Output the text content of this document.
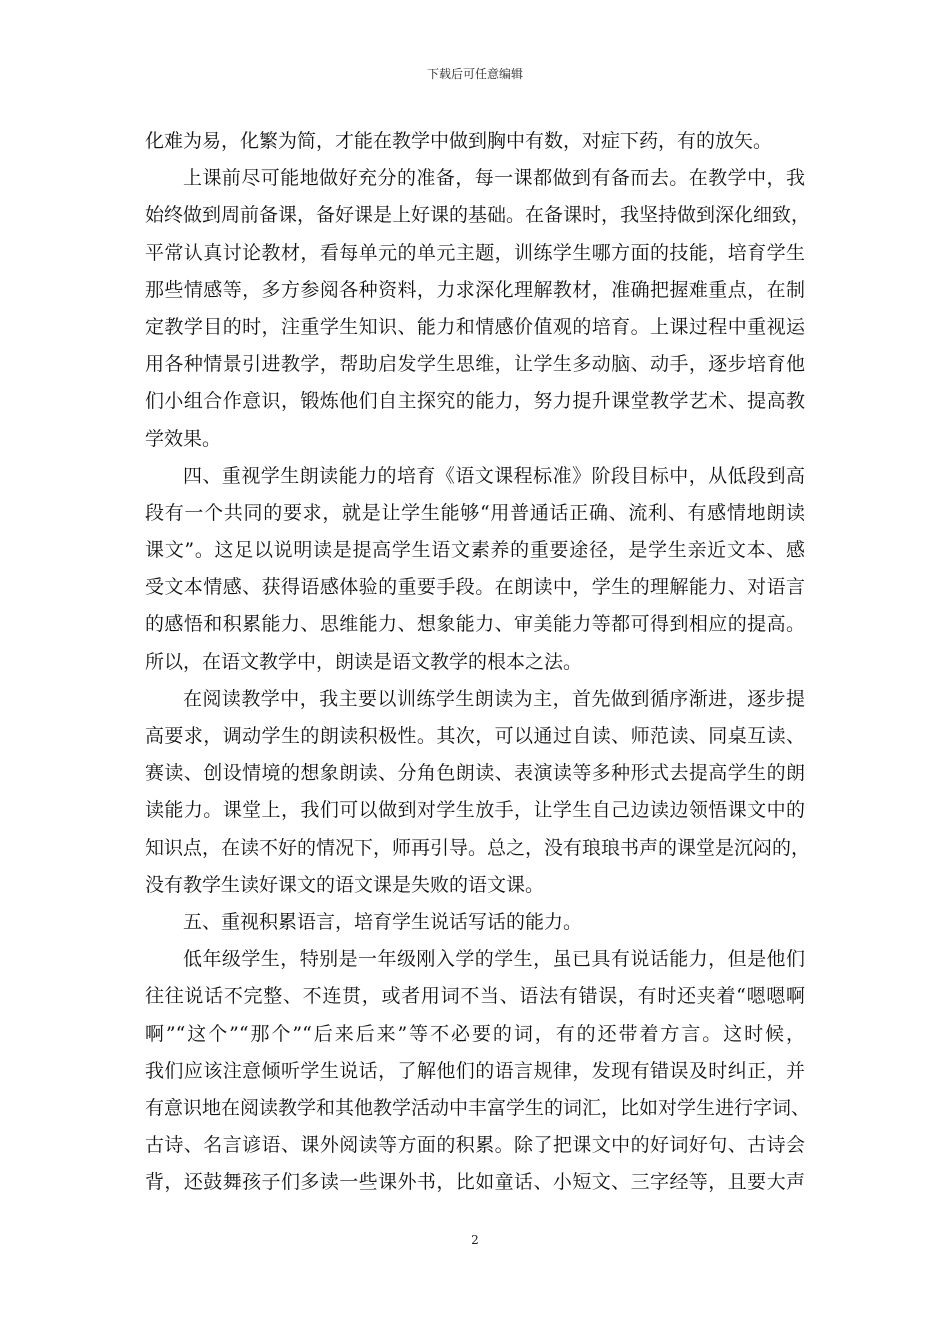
下载后可任意编辑

化难为易，化繁为简，才能在教学中做到胸中有数，对症下药，有的放矢。
上课前尽可能地做好充分的准备，每一课都做到有备而去。在教学中，我
始终做到周前备课，备好课是上好课的基础。在备课时，我坚持做到深化细致，
平常认真讨论教材，看每单元的单元主题，训练学生哪方面的技能，培育学生
那些情感等，多方参阅各种资料，力求深化理解教材，准确把握难重点，在制
定教学目的时，注重学生知识、能力和情感价值观的培育。上课过程中重视运
用各种情景引进教学，帮助启发学生思维，让学生多动脑、动手，逐步培育他
们小组合作意识，锻炼他们自主探究的能力，努力提升课堂教学艺术、提高教
学效果。
四、重视学生朗读能力的培育《语文课程标准》阶段目标中，从低段到高
段有一个共同的要求，就是让学生能够“用普通话正确、流利、有感情地朗读
课文”。这足以说明读是提高学生语文素养的重要途径，是学生亲近文本、感
受文本情感、获得语感体验的重要手段。在朗读中，学生的理解能力、对语言
的感悟和积累能力、思维能力、想象能力、审美能力等都可得到相应的提高。
所以，在语文教学中，朗读是语文教学的根本之法。
在阅读教学中，我主要以训练学生朗读为主，首先做到循序渐进，逐步提
高要求，调动学生的朗读积极性。其次，可以通过自读、师范读、同桌互读、
赛读、创设情境的想象朗读、分角色朗读、表演读等多种形式去提高学生的朗
读能力。课堂上，我们可以做到对学生放手，让学生自己边读边领悟课文中的
知识点，在读不好的情况下，师再引导。总之，没有琅琅书声的课堂是沉闷的，
没有教学生读好课文的语文课是失败的语文课。
五、重视积累语言，培育学生说话写话的能力。
低年级学生，特别是一年级刚入学的学生，虽已具有说话能力，但是他们
往往说话不完整、不连贯，或者用词不当、语法有错误，有时还夹着“嗯嗯啊
啊”“这个”“那个”“后来后来”等不必要的词，有的还带着方言。这时候，
我们应该注意倾听学生说话，了解他们的语言规律，发现有错误及时纠正，并
有意识地在阅读教学和其他教学活动中丰富学生的词汇，比如对学生进行字词、
古诗、名言谚语、课外阅读等方面的积累。除了把课文中的好词好句、古诗会
背，还鼓舞孩子们多读一些课外书，比如童话、小短文、三字经等，且要大声

2
